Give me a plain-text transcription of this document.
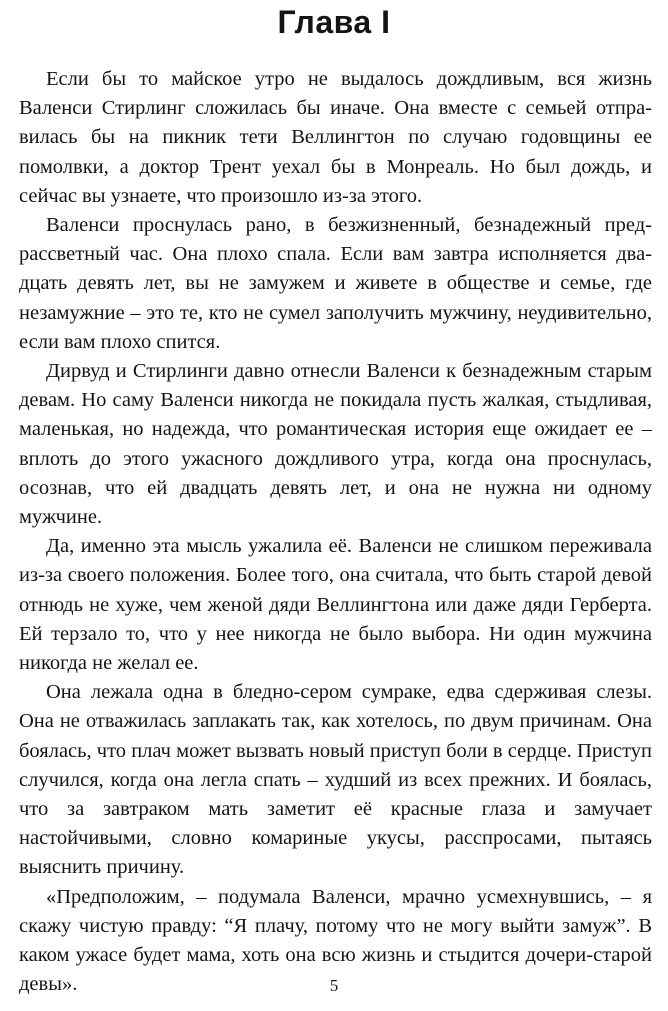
Глава I

Если бы то майское утро не выдалось дождливым, вся жизнь Валенси Стирлинг сложилась бы иначе. Она вместе с семьей отправилась бы на пикник тети Веллингтон по случаю годовщины ее помолвки, а доктор Трент уехал бы в Монреаль. Но был дождь, и сейчас вы узнаете, что произошло из-за этого.

Валенси проснулась рано, в безжизненный, безнадежный предрассветный час. Она плохо спала. Если вам завтра исполняется двадцать девять лет, вы не замужем и живете в обществе и семье, где незамужние – это те, кто не сумел заполучить мужчину, неудивительно, если вам плохо спится.

Дирвуд и Стирлинги давно отнесли Валенси к безнадежным старым девам. Но саму Валенси никогда не покидала пусть жалкая, стыдливая, маленькая, но надежда, что романтическая история еще ожидает ее – вплоть до этого ужасного дождливого утра, когда она проснулась, осознав, что ей двадцать девять лет, и она не нужна ни одному мужчине.

Да, именно эта мысль ужалила её. Валенси не слишком переживала из-за своего положения. Более того, она считала, что быть старой девой отнюдь не хуже, чем женой дяди Веллингтона или даже дяди Герберта. Ей терзало то, что у нее никогда не было выбора. Ни один мужчина никогда не желал ее.

Она лежала одна в бледно-сером сумраке, едва сдерживая слезы. Она не отважилась заплакать так, как хотелось, по двум причинам. Она боялась, что плач может вызвать новый приступ боли в сердце. Приступ случился, когда она легла спать – худший из всех прежних. И боялась, что за завтраком мать заметит её красные глаза и замучает настойчивыми, словно комариные укусы, расспросами, пытаясь выяснить причину.

«Предположим, – подумала Валенси, мрачно усмехнувшись, – я скажу чистую правду: “Я плачу, потому что не могу выйти замуж”. В каком ужасе будет мама, хоть она всю жизнь и стыдится дочери-старой девы».	5
